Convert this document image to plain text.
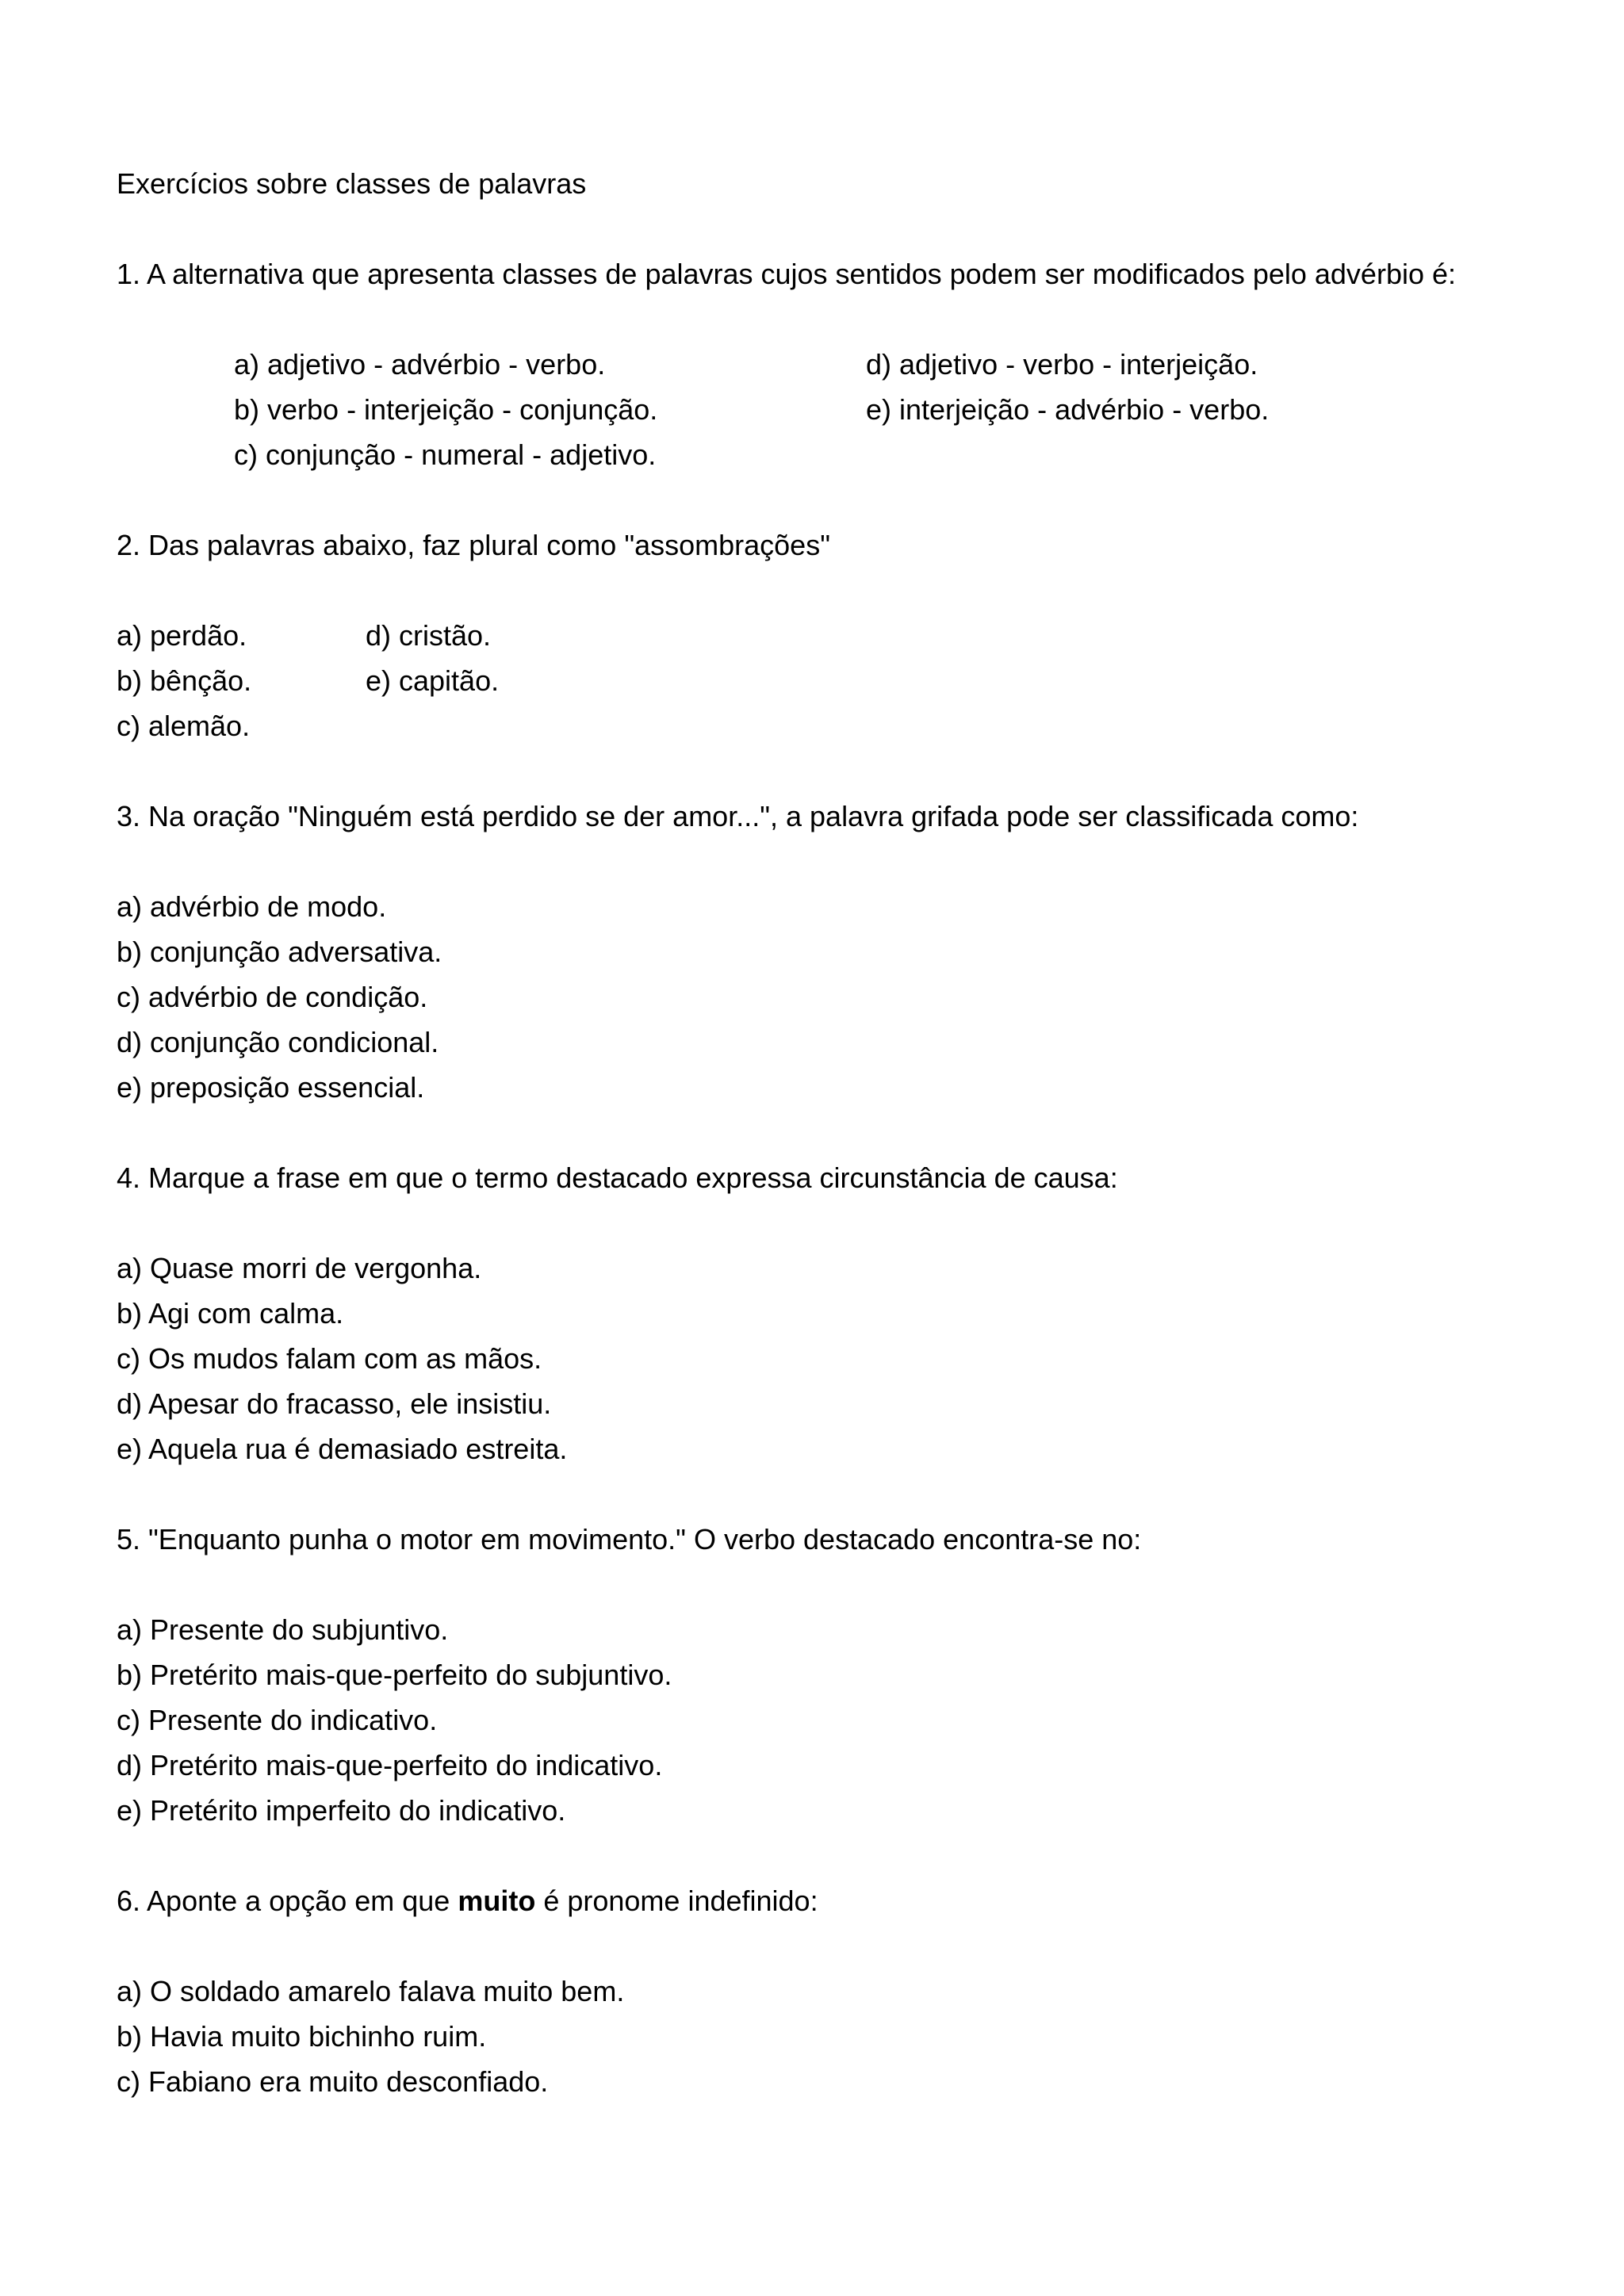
Exercícios sobre classes de palavras
1. A alternativa que apresenta classes de palavras cujos sentidos podem ser modificados pelo advérbio é:
a) adjetivo - advérbio - verbo.
b) verbo - interjeição - conjunção.
c) conjunção - numeral - adjetivo.
d) adjetivo - verbo - interjeição.
e) interjeição - advérbio - verbo.
2. Das palavras abaixo, faz plural como "assombrações"
a) perdão.
b) bênção.
c) alemão.
d) cristão.
e) capitão.
3. Na oração "Ninguém está perdido se der amor...", a palavra grifada pode ser classificada como:
a) advérbio de modo.
b) conjunção adversativa.
c) advérbio de condição.
d) conjunção condicional.
e) preposição essencial.
4. Marque a frase em que o termo destacado expressa circunstância de causa:
a) Quase morri de vergonha.
b) Agi com calma.
c) Os mudos falam com as mãos.
d) Apesar do fracasso, ele insistiu.
e) Aquela rua é demasiado estreita.
5. "Enquanto punha o motor em movimento." O verbo destacado encontra-se no:
a) Presente do subjuntivo.
b) Pretérito mais-que-perfeito do subjuntivo.
c) Presente do indicativo.
d) Pretérito mais-que-perfeito do indicativo.
e) Pretérito imperfeito do indicativo.
6. Aponte a opção em que muito é pronome indefinido:
a) O soldado amarelo falava muito bem.
b) Havia muito bichinho ruim.
c) Fabiano era muito desconfiado.
